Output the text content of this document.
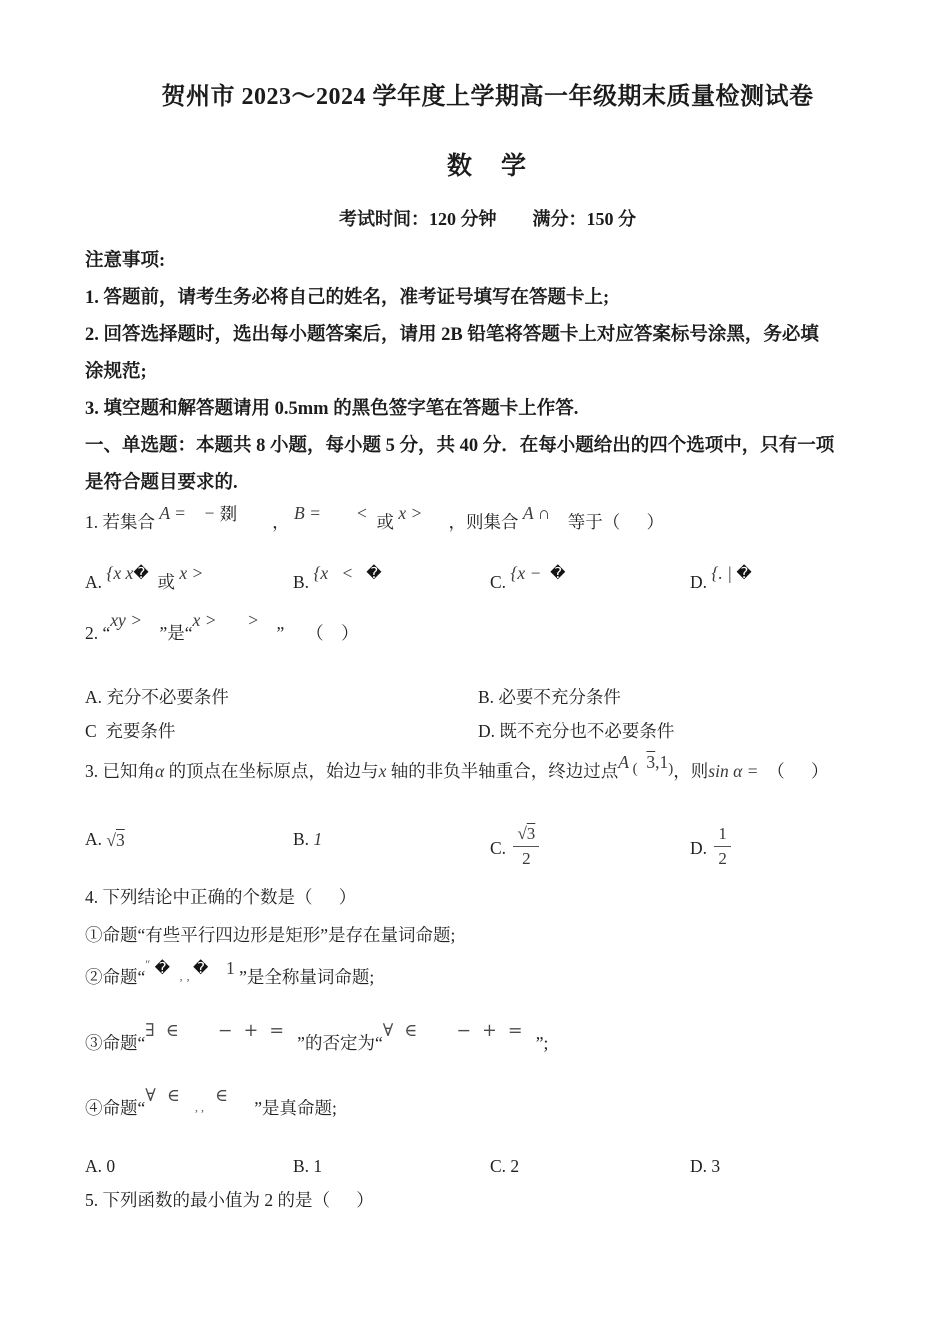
贺州市 2023～2024 学年度上学期高一年级期末质量检测试卷
数　学
考试时间：120 分钟　　满分：150 分
注意事项:
1. 答题前，请考生务必将自己的姓名，准考证号填写在答题卡上;
2. 回答选择题时，选出每小题答案后，请用 2B 铅笔将答题卡上对应答案标号涂黑，务必填
涂规范;
3. 填空题和解答题请用 0.5mm 的黑色签字笔在答题卡上作答.
一、单选题：本题共 8 小题，每小题 5 分，共 40 分．在每小题给出的四个选项中，只有一项
是符合题目要求的.
1. 若集合 A =    − 剟 ， B =        <  或 x > ，则集合 A ∩    等于（      ）
A. {x x� 或 x >	B. {x   <   �	C. {x − �	D. {. | �
2. “xy >    ”是“x >       >    ”　 （　）
A. 充分不必要条件	B. 必要不充分条件
C  充要条件	D. 既不充分也不必要条件
3. 已知角α 的顶点在坐标原点，始边与x 轴的非负半轴重合，终边过点A ( 3,1)，则sin α =  （      ）
A. √3	B. 1	C. $\frac{√3}{2}$	D. $\frac{1}{2}$
4. 下列结论中正确的个数是（      ）
①命题“有些平行四边形是矩形”是存在量词命题;
②命题“″ �   ‚ ‚ �    1 ”是全称量词命题;
③命题“∃  ∈       −  +  =   ”的否定为“∀  ∈       −  +  =   ”;
④命题“∀  ∈     , ,  ∈      ”是真命题;
A. 0	B. 1	C. 2	D. 3
5. 下列函数的最小值为 2 的是（      ）
